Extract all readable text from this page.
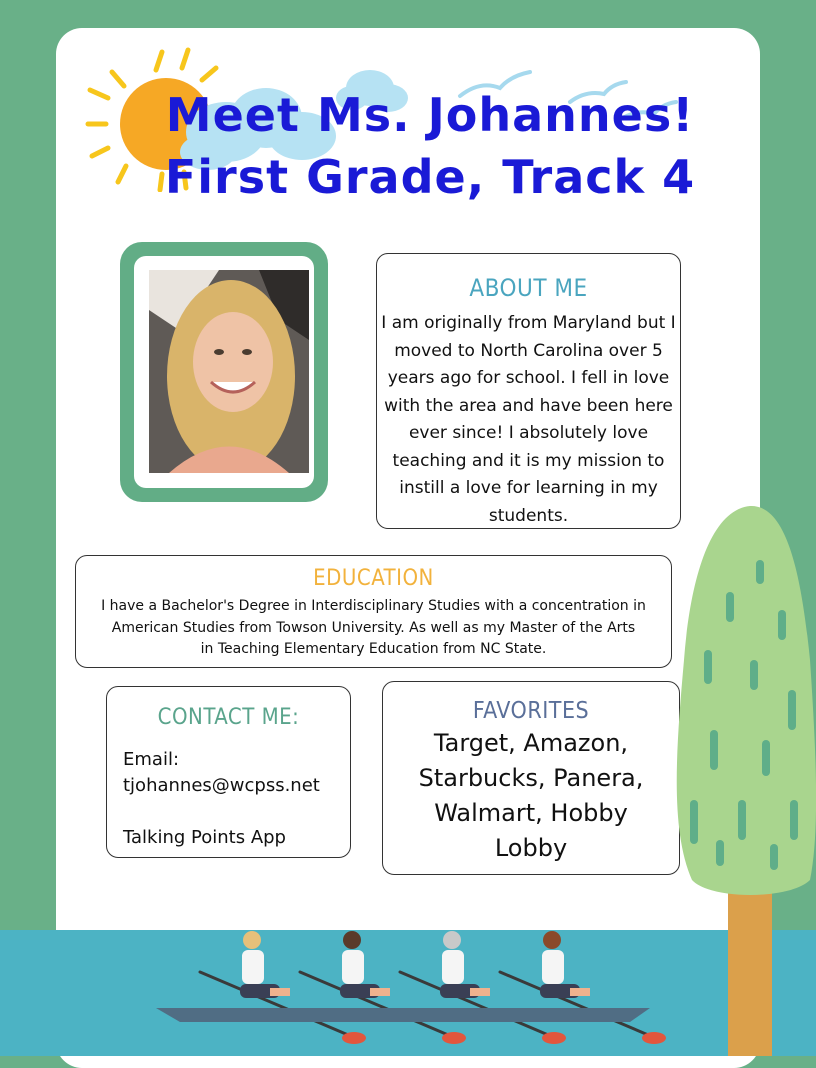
Meet Ms. Johannes!
First Grade, Track 4
ABOUT ME
I am originally from Maryland but I
moved to North Carolina over 5
years ago for school. I fell in love
with the area and have been here
ever since! I absolutely love
teaching and it is my mission to
instill a love for learning in my
students.
EDUCATION
I have a Bachelor's Degree in Interdisciplinary Studies with a concentration in
American Studies from Towson University. As well as my Master of the Arts
in Teaching Elementary Education from NC State.
CONTACT ME:
Email:
tjohannes@wcpss.net
Talking Points App
FAVORITES
Target, Amazon,
Starbucks, Panera,
Walmart, Hobby
Lobby
